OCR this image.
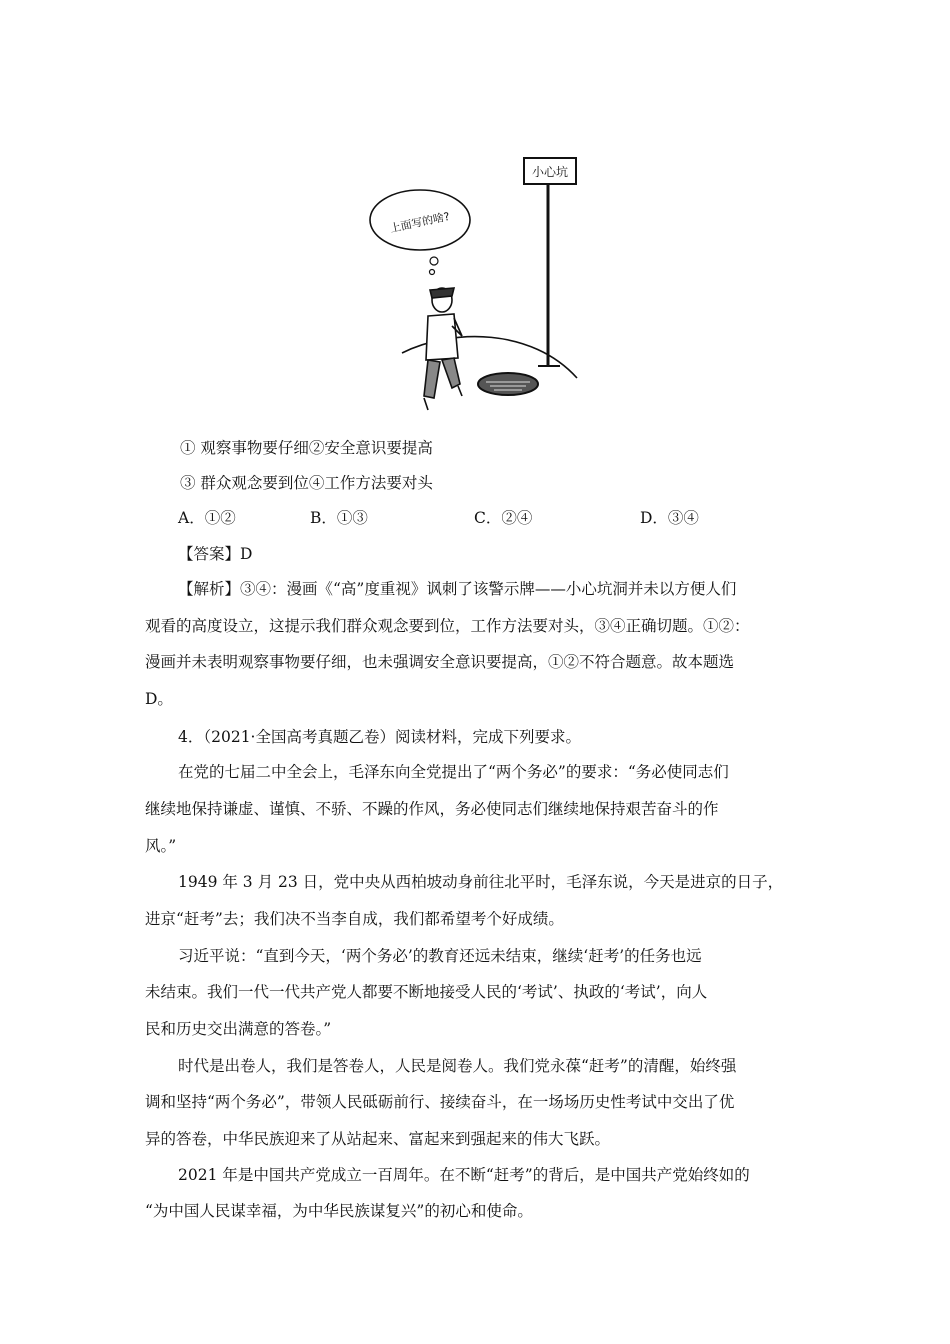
小心坑
上面写的啥?
① 观察事物要仔细②安全意识要提高
③ 群众观念要到位④工作方法要对头
A．①②	B．①③	C．②④	D．③④
【答案】D
【解析】③④：漫画《“高”度重视》讽刺了该警示牌——小心坑洞并未以方便人们
观看的高度设立，这提示我们群众观念要到位，工作方法要对头，③④正确切题。①②：
漫画并未表明观察事物要仔细，也未强调安全意识要提高，①②不符合题意。故本题选
D。
4．（2021·全国高考真题乙卷）阅读材料，完成下列要求。
在党的七届二中全会上，毛泽东向全党提出了“两个务必”的要求：“务必使同志们
继续地保持谦虚、谨慎、不骄、不躁的作风，务必使同志们继续地保持艰苦奋斗的作
风。”
1949 年 3 月 23 日，党中央从西柏坡动身前往北平时，毛泽东说，今天是进京的日子，
进京“赶考”去；我们决不当李自成，我们都希望考个好成绩。
习近平说：“直到今天，‘两个务必’的教育还远未结束，继续‘赶考’的任务也远
未结束。我们一代一代共产党人都要不断地接受人民的‘考试’、执政的‘考试’，向人
民和历史交出满意的答卷。”
时代是出卷人，我们是答卷人，人民是阅卷人。我们党永葆“赶考”的清醒，始终强
调和坚持“两个务必”，带领人民砥砺前行、接续奋斗，在一场场历史性考试中交出了优
异的答卷，中华民族迎来了从站起来、富起来到强起来的伟大飞跃。
2021 年是中国共产党成立一百周年。在不断“赶考”的背后，是中国共产党始终如的
“为中国人民谋幸福，为中华民族谋复兴”的初心和使命。
